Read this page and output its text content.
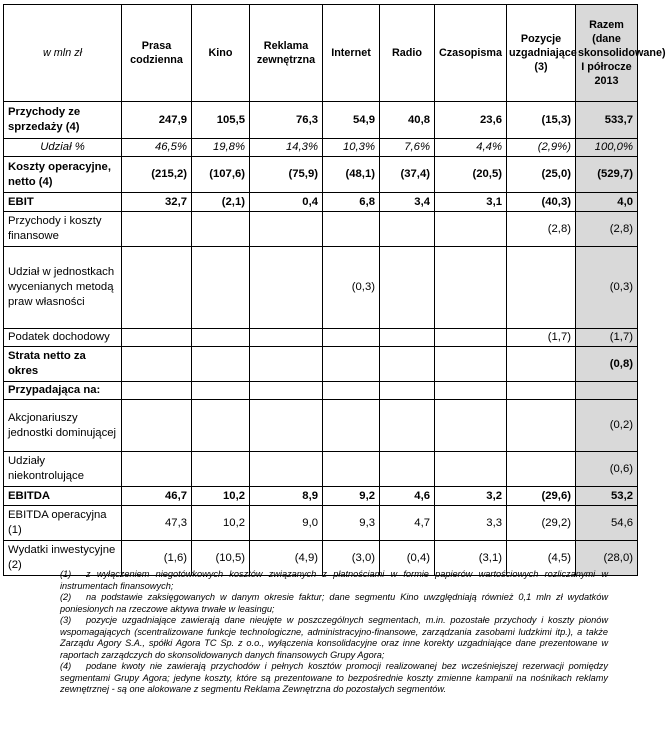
w mln zł	Prasa codzienna	Kino	Reklama zewnętrzna	Internet	Radio	Czasopisma	Pozycje uzgadniające (3)	Razem (dane skonsolidowane) I półrocze 2013
Przychody ze sprzedaży (4)	247,9	105,5	76,3	54,9	40,8	23,6	(15,3)	533,7
Udział %	46,5%	19,8%	14,3%	10,3%	7,6%	4,4%	(2,9%)	100,0%
Koszty operacyjne, netto (4)	(215,2)	(107,6)	(75,9)	(48,1)	(37,4)	(20,5)	(25,0)	(529,7)
EBIT	32,7	(2,1)	0,4	6,8	3,4	3,1	(40,3)	4,0
Przychody i koszty finansowe							(2,8)	(2,8)
Udział w jednostkach wycenianych metodą praw własności				(0,3)				(0,3)
Podatek dochodowy							(1,7)	(1,7)
Strata netto za okres								(0,8)
Przypadająca na:								
Akcjonariuszy jednostki dominującej								(0,2)
Udziały niekontrolujące								(0,6)
EBITDA	46,7	10,2	8,9	9,2	4,6	3,2	(29,6)	53,2
EBITDA operacyjna (1)	47,3	10,2	9,0	9,3	4,7	3,3	(29,2)	54,6
Wydatki inwestycyjne (2)	(1,6)	(10,5)	(4,9)	(3,0)	(0,4)	(3,1)	(4,5)	(28,0)

(1) z wyłączeniem niegotówkowych kosztów związanych z płatnościami w formie papierów wartościowych rozliczanymi w instrumentach finansowych;

(2) na podstawie zaksięgowanych w danym okresie faktur; dane segmentu Kino uwzględniają również 0,1 mln zł wydatków poniesionych na rzeczowe aktywa trwałe w leasingu;

(3) pozycje uzgadniające zawierają dane nieujęte w poszczególnych segmentach, m.in. pozostałe przychody i koszty pionów wspomagających (scentralizowane funkcje technologiczne, administracyjno-finansowe, zarządzania zasobami ludzkimi itp.), a także Zarządu Agory S.A., spółki Agora TC Sp. z o.o., wyłączenia konsolidacyjne oraz inne korekty uzgadniające dane prezentowane w raportach zarządczych do skonsolidowanych danych finansowych Grupy Agora;

(4) podane kwoty nie zawierają przychodów i pełnych kosztów promocji realizowanej bez wcześniejszej rezerwacji pomiędzy segmentami Grupy Agora; jedyne koszty, które są prezentowane to bezpośrednie koszty zmienne kampanii na nośnikach reklamy zewnętrznej - są one alokowane z segmentu Reklama Zewnętrzna do pozostałych segmentów.
